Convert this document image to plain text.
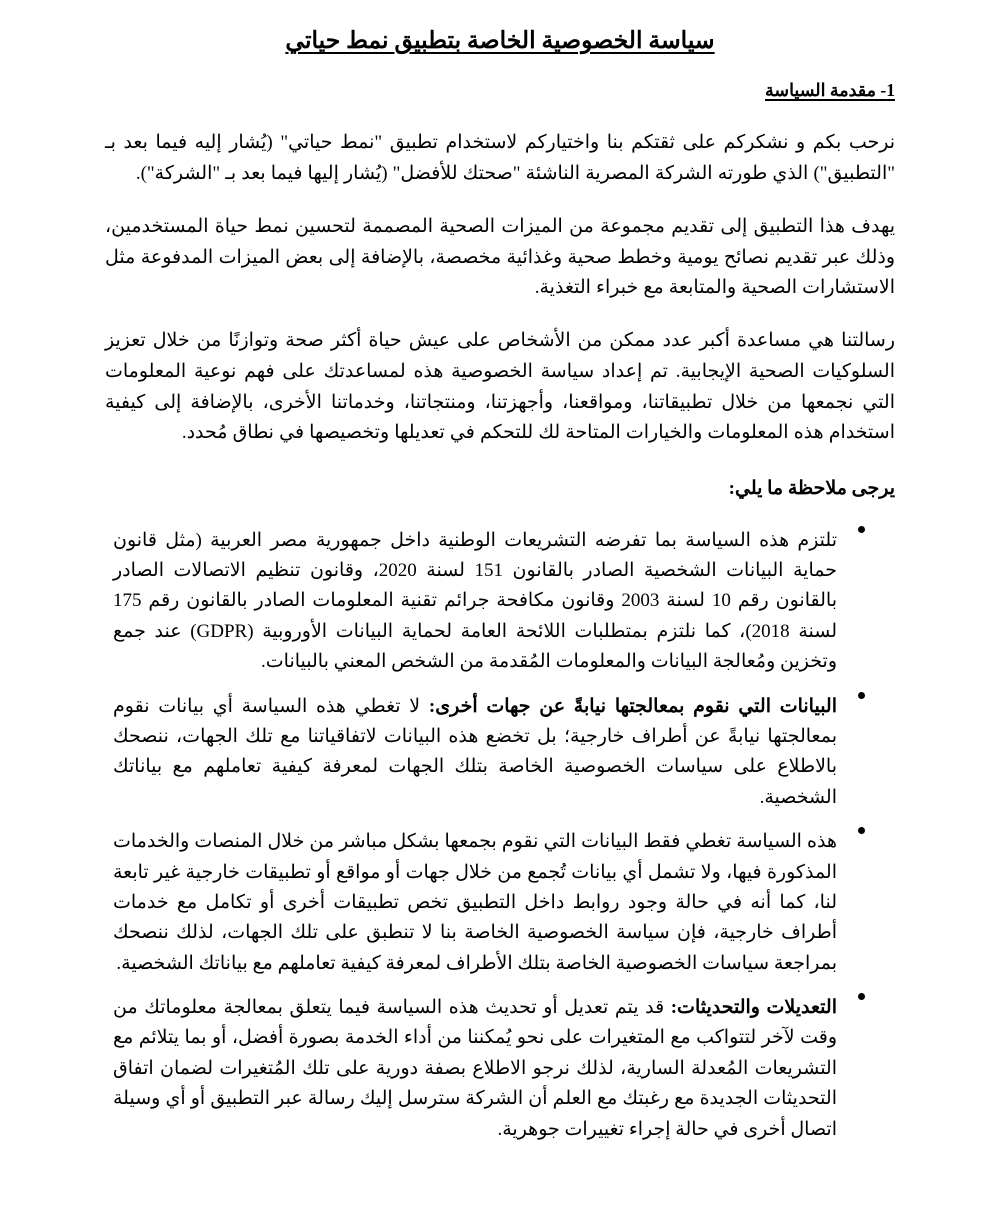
سياسة الخصوصية الخاصة بتطبيق نمط حياتي
1- مقدمة السياسة

نرحب بكم و نشكركم على ثقتكم بنا واختياركم لاستخدام تطبيق "نمط حياتي" (يُشار إليه فيما بعد بـ "التطبيق") الذي طورته الشركة المصرية الناشئة "صحتك للأفضل" (يُشار إليها فيما بعد بـ "الشركة").

يهدف هذا التطبيق إلى تقديم مجموعة من الميزات الصحية المصممة لتحسين نمط حياة المستخدمين، وذلك عبر تقديم نصائح يومية وخطط صحية وغذائية مخصصة، بالإضافة إلى بعض الميزات المدفوعة مثل الاستشارات الصحية والمتابعة مع خبراء التغذية.

رسالتنا هي مساعدة أكبر عدد ممكن من الأشخاص على عيش حياة أكثر صحة وتوازنًا من خلال تعزيز السلوكيات الصحية الإيجابية. تم إعداد سياسة الخصوصية هذه لمساعدتك على فهم نوعية المعلومات التي نجمعها من خلال تطبيقاتنا، ومواقعنا، وأجهزتنا، ومنتجاتنا، وخدماتنا الأخرى، بالإضافة إلى كيفية استخدام هذه المعلومات والخيارات المتاحة لك للتحكم في تعديلها وتخصيصها في نطاق مُحدد.

يرجى ملاحظة ما يلي:
تلتزم هذه السياسة بما تفرضه التشريعات الوطنية داخل جمهورية مصر العربية (مثل قانون حماية البيانات الشخصية الصادر بالقانون 151 لسنة 2020، وقانون تنظيم الاتصالات الصادر بالقانون رقم 10 لسنة 2003 وقانون مكافحة جرائم تقنية المعلومات الصادر بالقانون رقم 175 لسنة 2018)، كما نلتزم بمتطلبات اللائحة العامة لحماية البيانات الأوروبية (GDPR) عند جمع وتخزين ومُعالجة البيانات والمعلومات المُقدمة من الشخص المعني بالبيانات.
البيانات التي نقوم بمعالجتها نيابةً عن جهات أخرى: لا تغطي هذه السياسة أي بيانات نقوم بمعالجتها نيابةً عن أطراف خارجية؛ بل تخضع هذه البيانات لاتفاقياتنا مع تلك الجهات، ننصحك بالاطلاع على سياسات الخصوصية الخاصة بتلك الجهات لمعرفة كيفية تعاملهم مع بياناتك الشخصية.
هذه السياسة تغطي فقط البيانات التي نقوم بجمعها بشكل مباشر من خلال المنصات والخدمات المذكورة فيها، ولا تشمل أي بيانات تُجمع من خلال جهات أو مواقع أو تطبيقات خارجية غير تابعة لنا، كما أنه في حالة وجود روابط داخل التطبيق تخص تطبيقات أخرى أو تكامل مع خدمات أطراف خارجية، فإن سياسة الخصوصية الخاصة بنا لا تنطبق على تلك الجهات، لذلك ننصحك بمراجعة سياسات الخصوصية الخاصة بتلك الأطراف لمعرفة كيفية تعاملهم مع بياناتك الشخصية.
التعديلات والتحديثات: قد يتم تعديل أو تحديث هذه السياسة فيما يتعلق بمعالجة معلوماتك من وقت لآخر لتتواكب مع المتغيرات على نحو يُمكننا من أداء الخدمة بصورة أفضل، أو بما يتلائم مع التشريعات المُعدلة السارية، لذلك نرجو الاطلاع بصفة دورية على تلك المُتغيرات لضمان اتفاق التحديثات الجديدة مع رغبتك مع العلم أن الشركة سترسل إليك رسالة عبر التطبيق أو أي وسيلة اتصال أخرى في حالة إجراء تغييرات جوهرية.
